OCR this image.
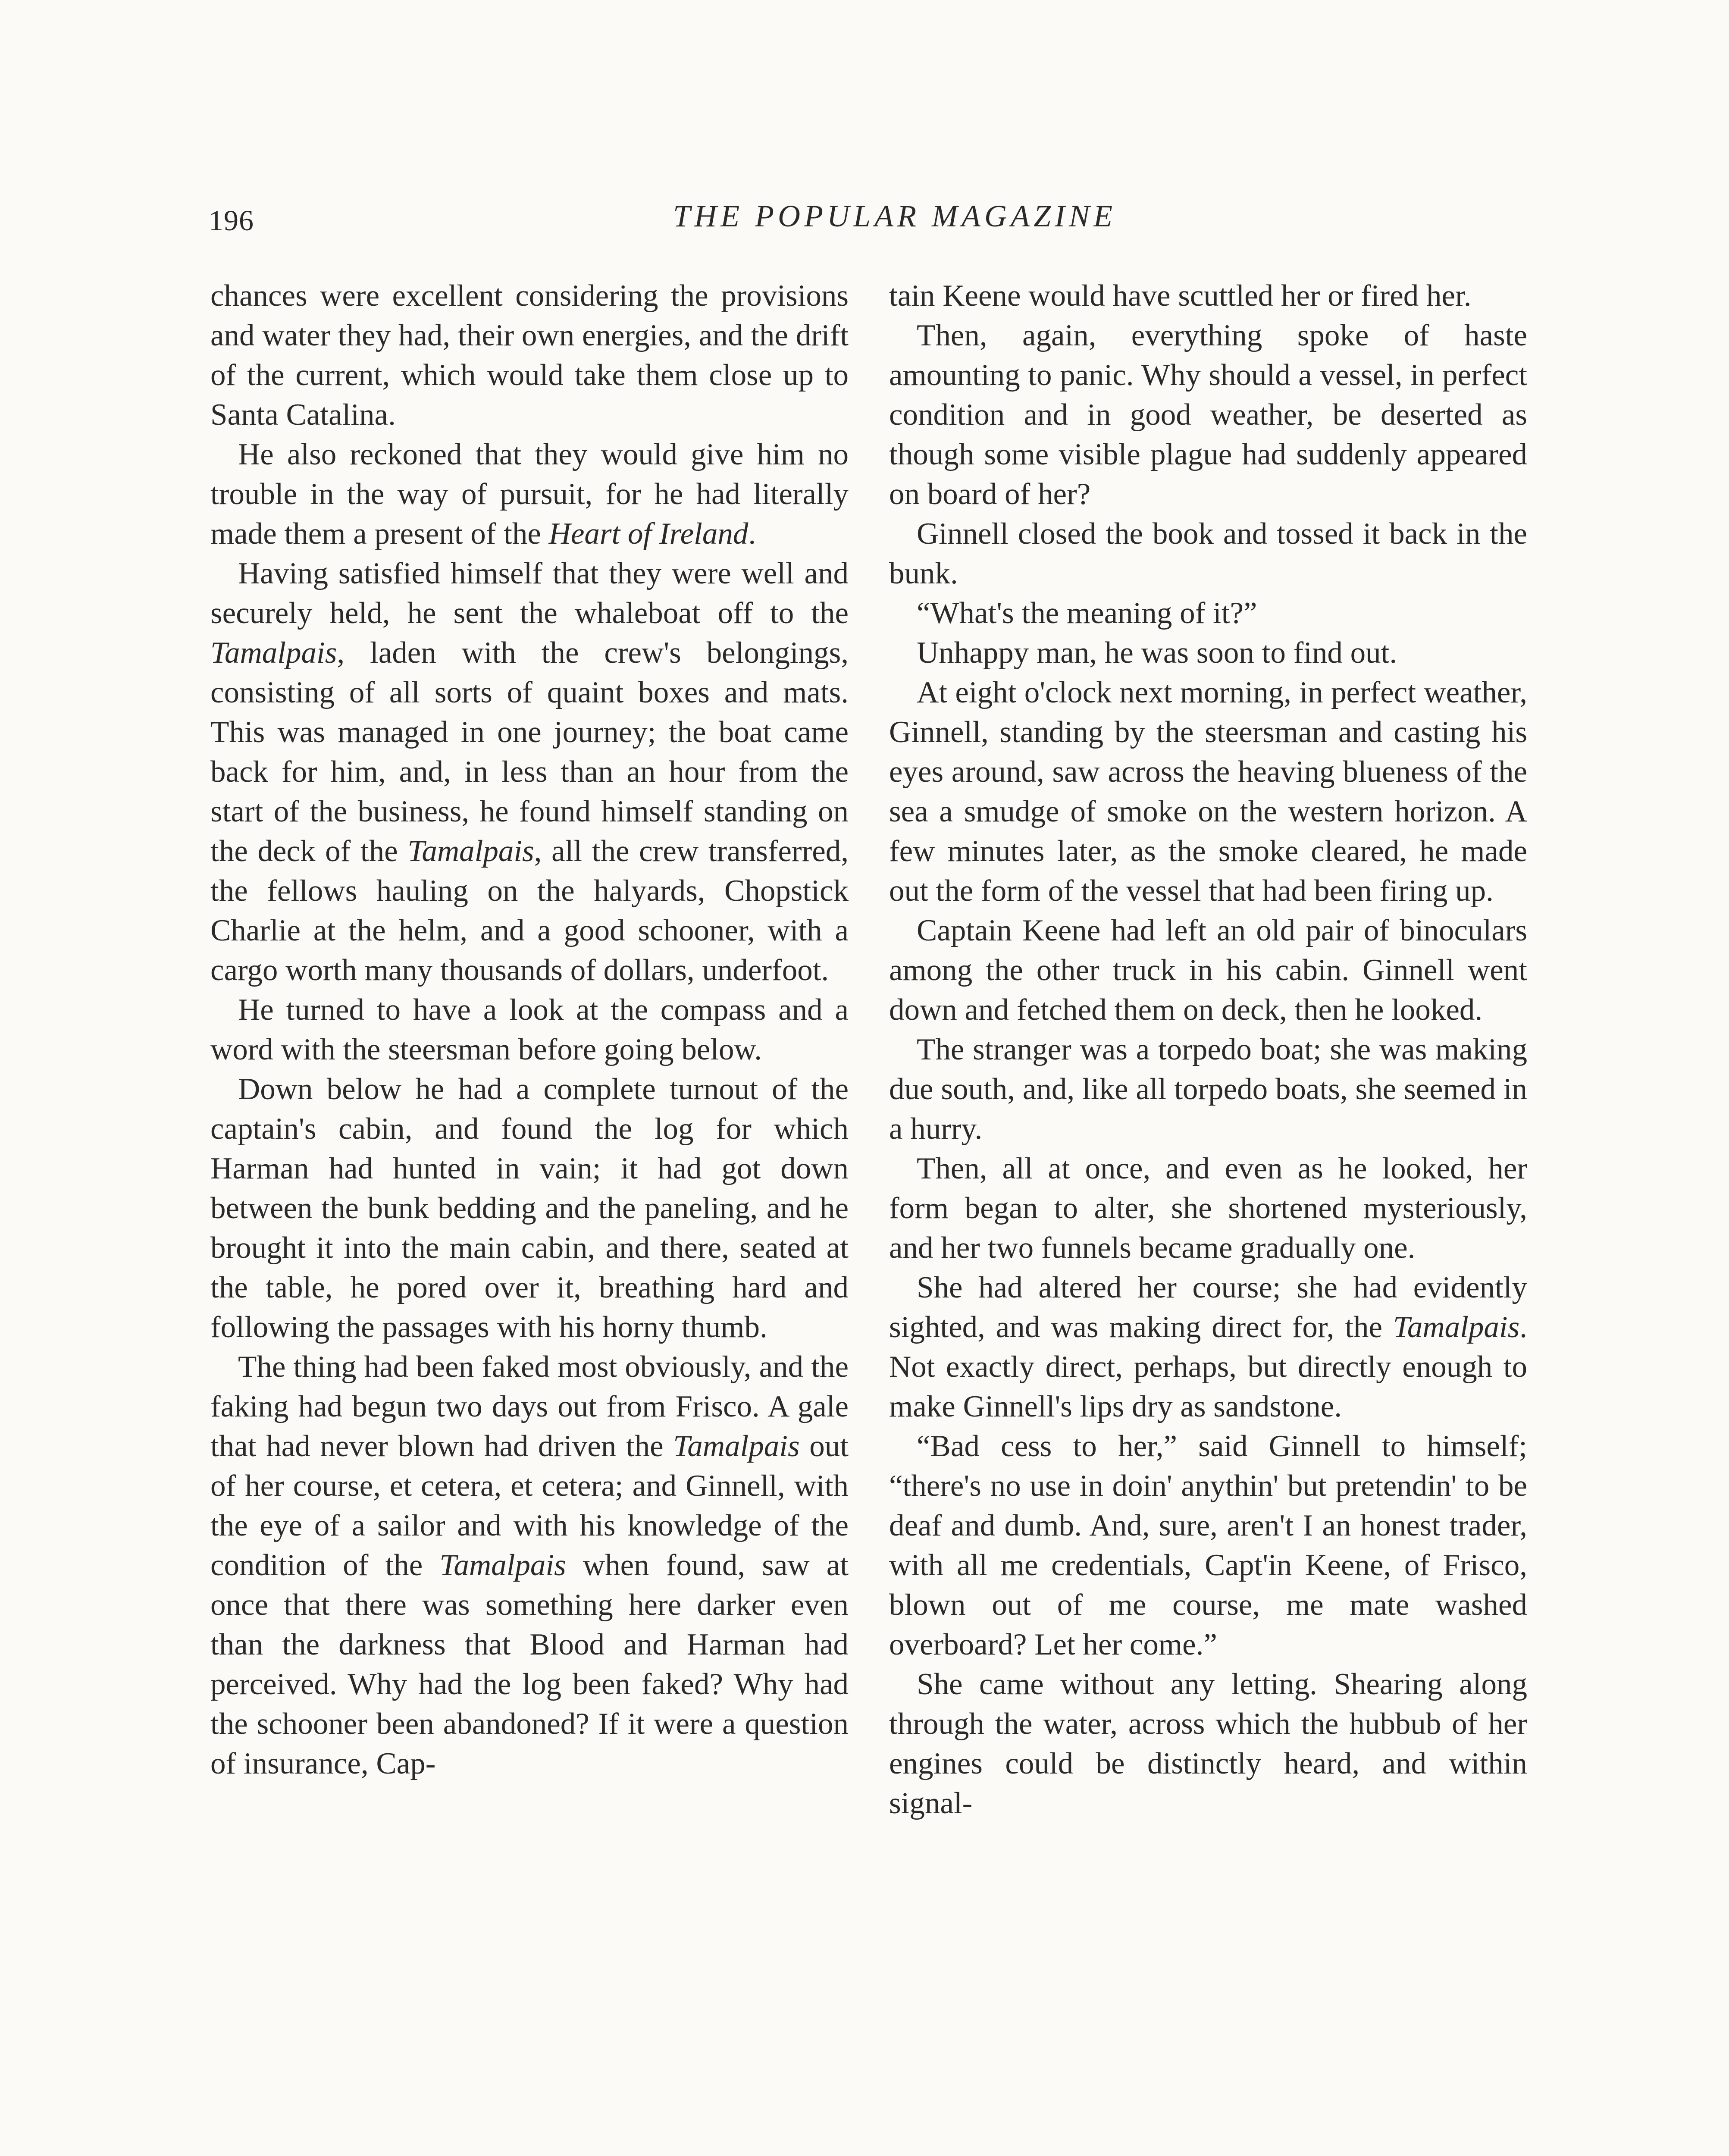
196	THE POPULAR MAGAZINE

chances were excellent considering the provisions and water they had, their own energies, and the drift of the current, which would take them close up to Santa Catalina.

He also reckoned that they would give him no trouble in the way of pursuit, for he had literally made them a present of the Heart of Ireland.

Having satisfied himself that they were well and securely held, he sent the whaleboat off to the Tamalpais, laden with the crew's belongings, consisting of all sorts of quaint boxes and mats. This was managed in one journey; the boat came back for him, and, in less than an hour from the start of the business, he found himself standing on the deck of the Tamalpais, all the crew transferred, the fellows hauling on the halyards, Chopstick Charlie at the helm, and a good schooner, with a cargo worth many thousands of dollars, underfoot.

He turned to have a look at the compass and a word with the steersman before going below.

Down below he had a complete turnout of the captain's cabin, and found the log for which Harman had hunted in vain; it had got down between the bunk bedding and the paneling, and he brought it into the main cabin, and there, seated at the table, he pored over it, breathing hard and following the passages with his horny thumb.

The thing had been faked most obviously, and the faking had begun two days out from Frisco. A gale that had never blown had driven the Tamalpais out of her course, et cetera, et cetera; and Ginnell, with the eye of a sailor and with his knowledge of the condition of the Tamalpais when found, saw at once that there was something here darker even than the darkness that Blood and Harman had perceived. Why had the log been faked? Why had the schooner been abandoned? If it were a question of insurance, Cap-

tain Keene would have scuttled her or fired her.

Then, again, everything spoke of haste amounting to panic. Why should a vessel, in perfect condition and in good weather, be deserted as though some visible plague had suddenly appeared on board of her?

Ginnell closed the book and tossed it back in the bunk.

“What's the meaning of it?”

Unhappy man, he was soon to find out.

At eight o'clock next morning, in perfect weather, Ginnell, standing by the steersman and casting his eyes around, saw across the heaving blueness of the sea a smudge of smoke on the western horizon. A few minutes later, as the smoke cleared, he made out the form of the vessel that had been firing up.

Captain Keene had left an old pair of binoculars among the other truck in his cabin. Ginnell went down and fetched them on deck, then he looked.

The stranger was a torpedo boat; she was making due south, and, like all torpedo boats, she seemed in a hurry.

Then, all at once, and even as he looked, her form began to alter, she shortened mysteriously, and her two funnels became gradually one.

She had altered her course; she had evidently sighted, and was making direct for, the Tamalpais. Not exactly direct, perhaps, but directly enough to make Ginnell's lips dry as sandstone.

“Bad cess to her,” said Ginnell to himself; “there's no use in doin' anythin' but pretendin' to be deaf and dumb. And, sure, aren't I an honest trader, with all me credentials, Capt'in Keene, of Frisco, blown out of me course, me mate washed overboard? Let her come.”

She came without any letting. Shearing along through the water, across which the hubbub of her engines could be distinctly heard, and within signal-
